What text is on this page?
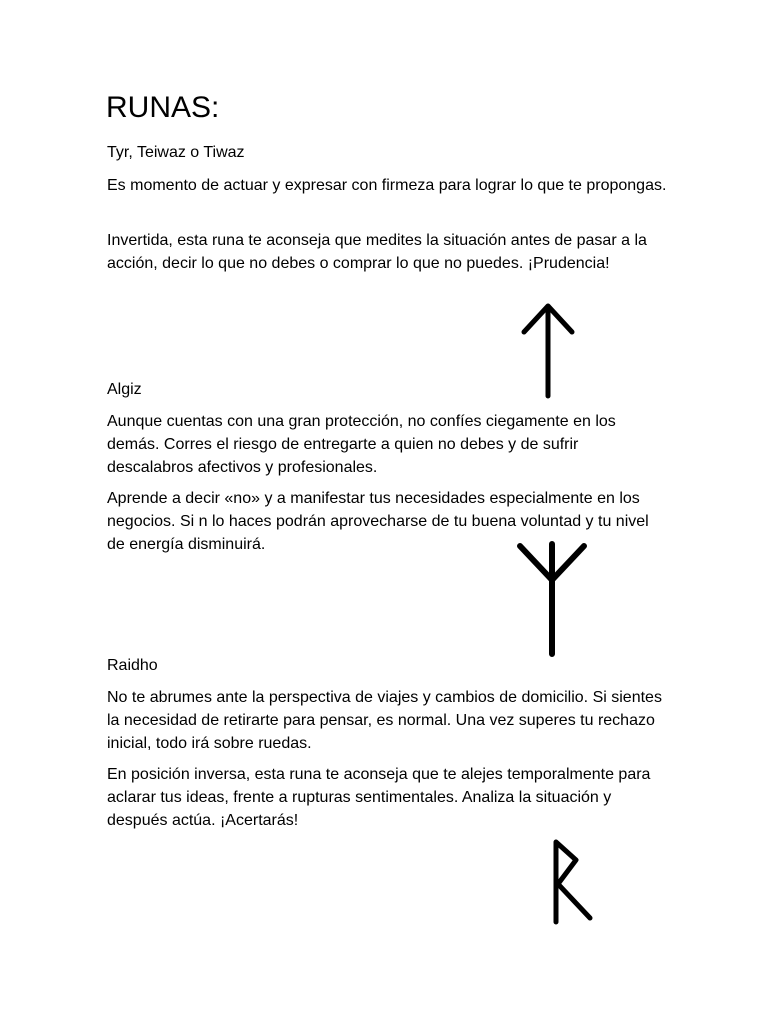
RUNAS:

Tyr, Teiwaz o Tiwaz

Es momento de actuar y expresar con firmeza para lograr lo que te propongas.

Invertida, esta runa te aconseja que medites la situación antes de pasar a la acción, decir lo que no debes o comprar lo que no puedes. ¡Prudencia!

Algiz

Aunque cuentas con una gran protección, no confíes ciegamente en los demás. Corres el riesgo de entregarte a quien no debes y de sufrir descalabros afectivos y profesionales.

Aprende a decir «no» y a manifestar tus necesidades especialmente en los negocios. Si n lo haces podrán aprovecharse de tu buena voluntad y tu nivel de energía disminuirá.

Raidho

No te abrumes ante la perspectiva de viajes y cambios de domicilio. Si sientes la necesidad de retirarte para pensar, es normal. Una vez superes tu rechazo inicial, todo irá sobre ruedas.

En posición inversa, esta runa te aconseja que te alejes temporalmente para aclarar tus ideas, frente a rupturas sentimentales. Analiza la situación y después actúa. ¡Acertarás!
